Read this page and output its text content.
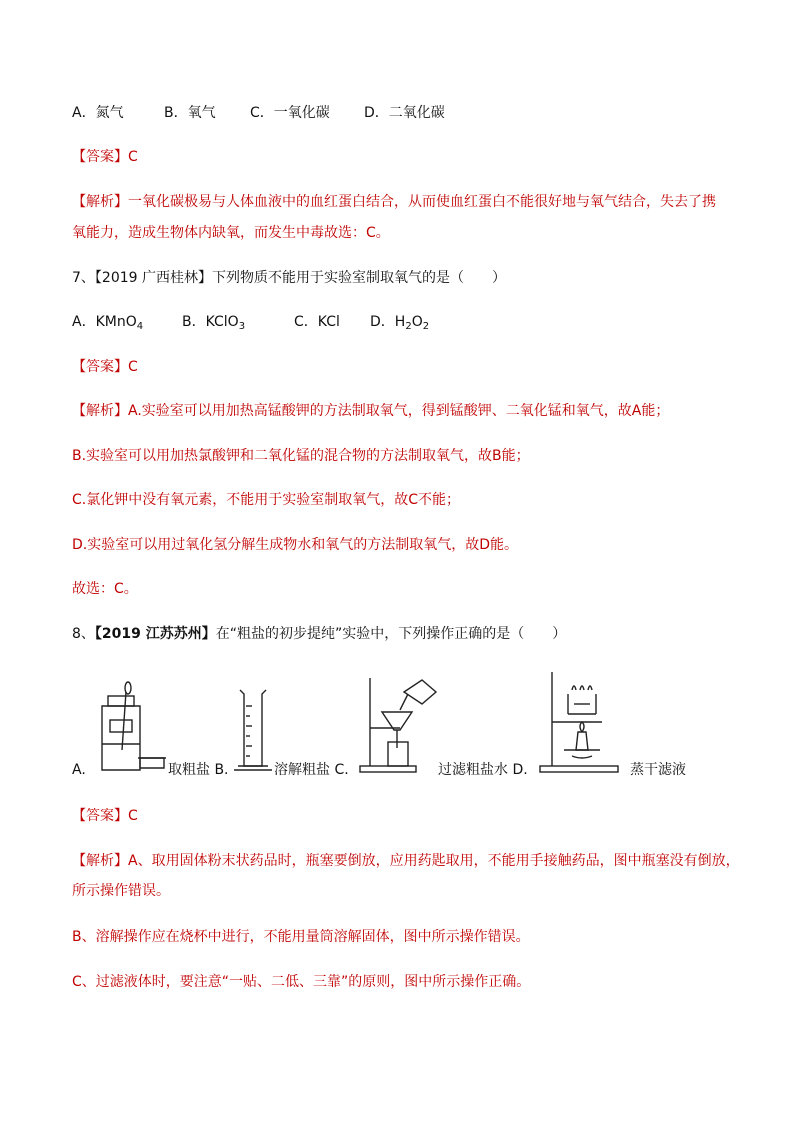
A．氮气	B．氧气 C．一氧化碳 D．二氧化碳
【答案】C
【解析】一氧化碳极易与人体血液中的血红蛋白结合，从而使血红蛋白不能很好地与氧气结合，失去了携
氧能力，造成生物体内缺氧，而发生中毒故选：C。
7、【2019 广西桂林】下列物质不能用于实验室制取氧气的是（　　）
A．KMnO$_4$	B．KClO$_3$	C．KCl D．$H_2O_2$
【答案】C
【解析】A.实验室可以用加热高锰酸钾的方法制取氧气，得到锰酸钾、二氧化锰和氧气，故A能；
B.实验室可以用加热氯酸钾和二氧化锰的混合物的方法制取氧气，故B能；
C.氯化钾中没有氧元素，不能用于实验室制取氧气，故C不能；
D.实验室可以用过氧化氢分解生成物水和氧气的方法制取氧气，故D能。
故选：C。
8、【2019 江苏苏州】在“粗盐的初步提纯”实验中，下列操作正确的是（　　）
A.	取粗盐 B.	溶解粗盐 C.	过滤粗盐水 D.	蒸干滤液
【答案】C
【解析】A、取用固体粉末状药品时，瓶塞要倒放，应用药匙取用，不能用手接触药品，图中瓶塞没有倒放，
所示操作错误。
B、溶解操作应在烧杯中进行，不能用量筒溶解固体，图中所示操作错误。
C、过滤液体时，要注意“一贴、二低、三靠”的原则，图中所示操作正确。
